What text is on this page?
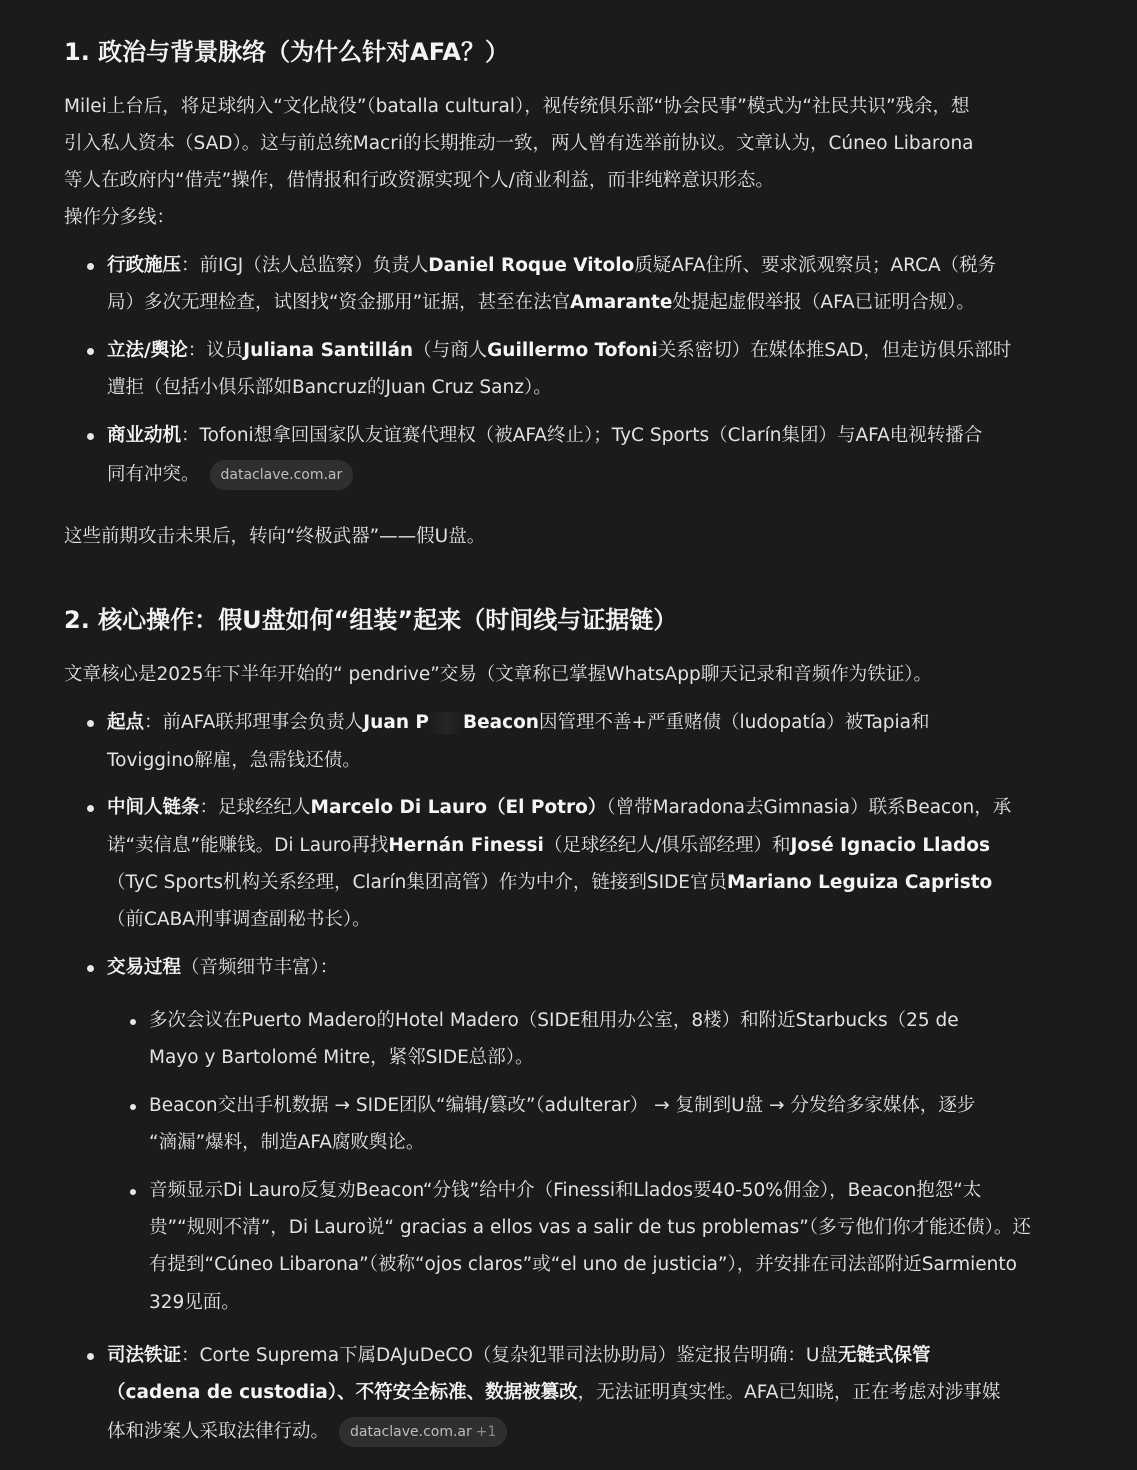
1. 政治与背景脉络（为什么针对AFA？）

Milei上台后，将足球纳入“文化战役”（batalla cultural），视传统俱乐部“协会民事”模式为“社民共识”残余，想

引入私人资本（SAD）。这与前总统Macri的长期推动一致，两人曾有选举前协议。文章认为，Cúneo Libarona

等人在政府内“借壳”操作，借情报和行政资源实现个人/商业利益，而非纯粹意识形态。

操作分多线：

行政施压：前IGJ（法人总监察）负责人Daniel Roque Vitolo质疑AFA住所、要求派观察员；ARCA（税务

局）多次无理检查，试图找“资金挪用”证据，甚至在法官Amarante处提起虚假举报（AFA已证明合规）。

立法/舆论：议员Juliana Santillán（与商人Guillermo Tofoni关系密切）在媒体推SAD，但走访俱乐部时

遭拒（包括小俱乐部如Bancruz的Juan Cruz Sanz）。

商业动机：Tofoni想拿回国家队友谊赛代理权（被AFA终止）；TyC Sports（Clarín集团）与AFA电视转播合

同有冲突。 dataclave.com.ar

这些前期攻击未果后，转向“终极武器”——假U盘。

2. 核心操作：假U盘如何“组装”起来（时间线与证据链）

文章核心是2025年下半年开始的“ pendrive”交易（文章称已掌握WhatsApp聊天记录和音频作为铁证）。

起点：前AFA联邦理事会负责人Juan P Beacon因管理不善+严重赌债（ludopatía）被Tapia和

Toviggino解雇，急需钱还债。

中间人链条：足球经纪人Marcelo Di Lauro（El Potro）（曾带Maradona去Gimnasia）联系Beacon，承

诺“卖信息”能赚钱。Di Lauro再找Hernán Finessi（足球经纪人/俱乐部经理）和José Ignacio Llados

（TyC Sports机构关系经理，Clarín集团高管）作为中介，链接到SIDE官员Mariano Leguiza Capristo

（前CABA刑事调查副秘书长）。

交易过程（音频细节丰富）：

多次会议在Puerto Madero的Hotel Madero（SIDE租用办公室，8楼）和附近Starbucks（25 de

Mayo y Bartolomé Mitre，紧邻SIDE总部）。

Beacon交出手机数据 → SIDE团队“编辑/篡改”（adulterar） → 复制到U盘 → 分发给多家媒体，逐步

“滴漏”爆料，制造AFA腐败舆论。

音频显示Di Lauro反复劝Beacon“分钱”给中介（Finessi和Llados要40-50%佣金），Beacon抱怨“太

贵”“规则不清”，Di Lauro说“ gracias a ellos vas a salir de tus problemas”（多亏他们你才能还债）。还

有提到“Cúneo Libarona”（被称“ojos claros”或“el uno de justicia”），并安排在司法部附近Sarmiento

329见面。

司法铁证：Corte Suprema下属DAJuDeCO（复杂犯罪司法协助局）鉴定报告明确：U盘无链式保管

（cadena de custodia）、不符安全标准、数据被篡改，无法证明真实性。AFA已知晓，正在考虑对涉事媒

体和涉案人采取法律行动。 dataclave.com.ar +1
